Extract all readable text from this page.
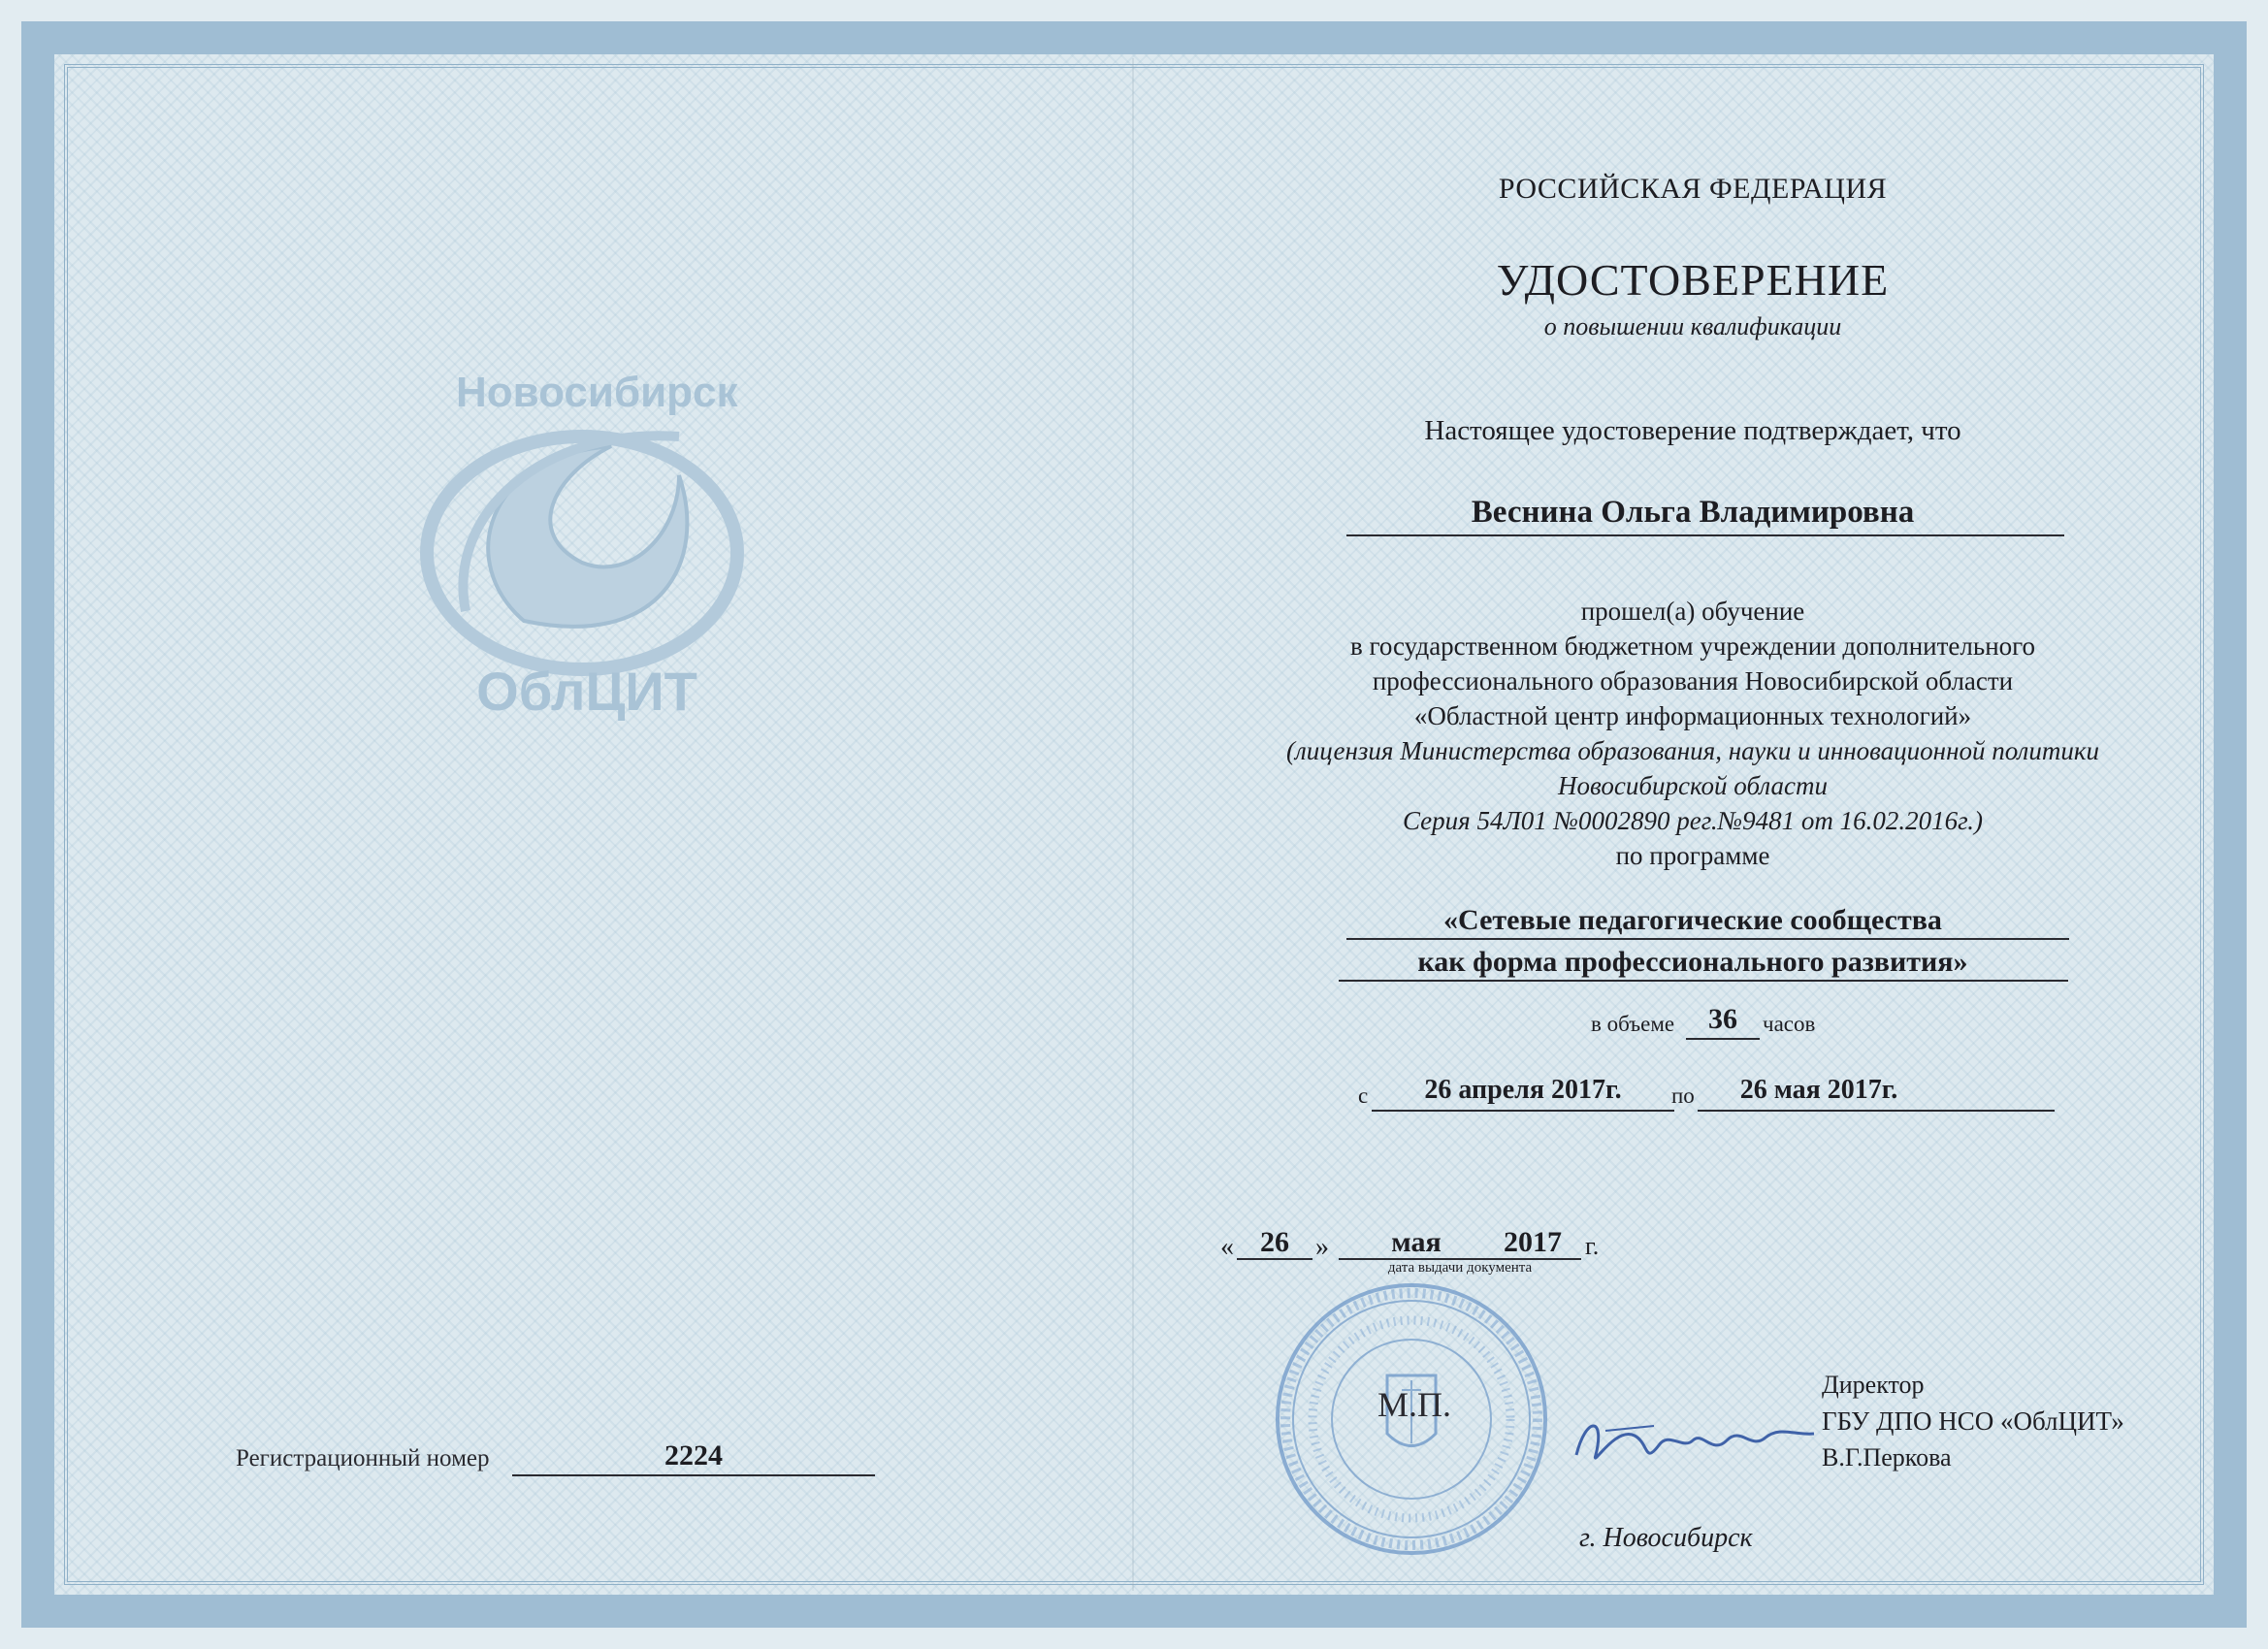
Новосибирск
ОблЦИТ
Регистрационный номер	2224
РОССИЙСКАЯ ФЕДЕРАЦИЯ
УДОСТОВЕРЕНИЕ
о повышении квалификации
Настоящее удостоверение подтверждает, что
Веснина Ольга Владимировна
прошел(а) обучение
в государственном бюджетном учреждении дополнительного
профессионального образования Новосибирской области
«Областной центр информационных технологий»
(лицензия Министерства образования, науки и инновационной политики
Новосибирской области
Серия 54Л01 №0002890 рег.№9481 от 16.02.2016г.)
по программе
«Сетевые педагогические сообщества
как форма профессионального развития»
в объеме	36	часов
с	26 апреля 2017г.	по	26 мая 2017г.
« 26 »	мая	2017 г.
дата выдачи документа
М.П.
Директор
ГБУ ДПО НСО «ОблЦИТ»
В.Г.Перкова
г. Новосибирск
